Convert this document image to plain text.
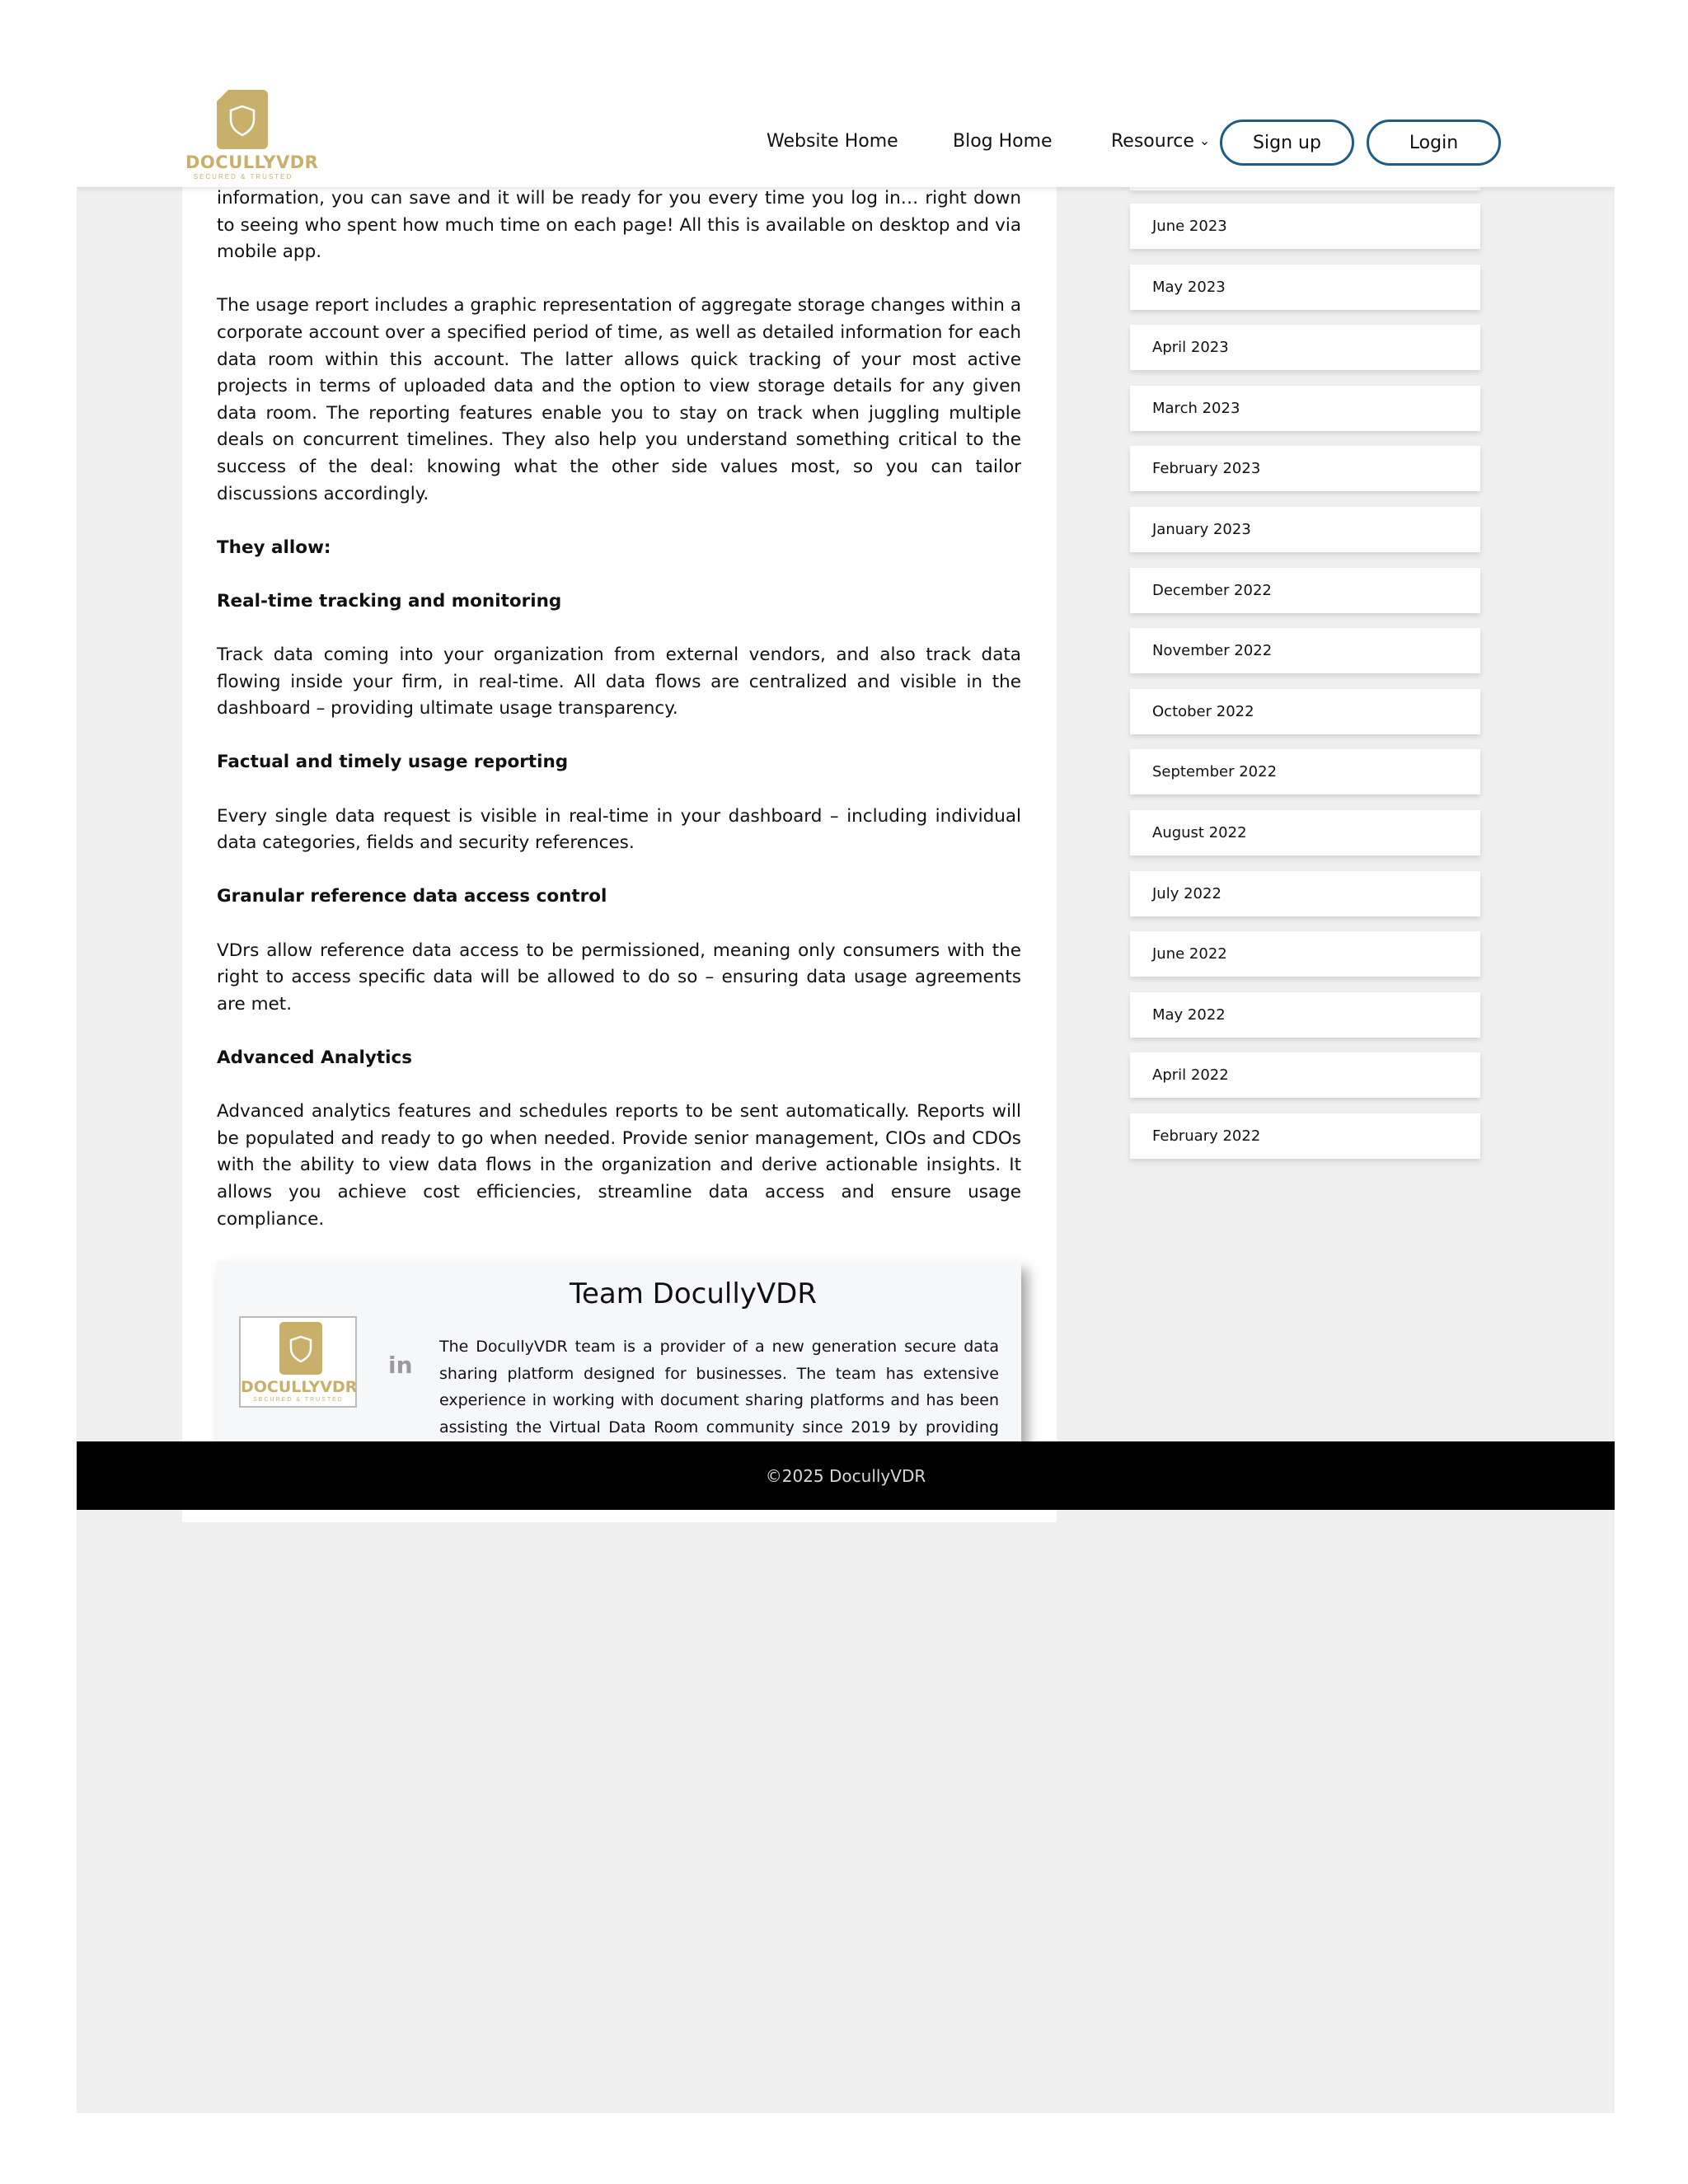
information, you can save and it will be ready for you every time you log in… right down to seeing who spent how much time on each page! All this is available on desktop and via mobile app.

The usage report includes a graphic representation of aggregate storage changes within a corporate account over a specified period of time, as well as detailed information for each data room within this account. The latter allows quick tracking of your most active projects in terms of uploaded data and the option to view storage details for any given data room. The reporting features enable you to stay on track when juggling multiple deals on concurrent timelines. They also help you understand something critical to the success of the deal: knowing what the other side values most, so you can tailor discussions accordingly.

They allow:
Real-time tracking and monitoring

Track data coming into your organization from external vendors, and also track data flowing inside your firm, in real-time. All data flows are centralized and visible in the dashboard – providing ultimate usage transparency.

Factual and timely usage reporting

Every single data request is visible in real-time in your dashboard – including individual data categories, fields and security references.

Granular reference data access control

VDrs allow reference data access to be permissioned, meaning only consumers with the right to access specific data will be allowed to do so – ensuring data usage agreements are met.

Advanced Analytics

Advanced analytics features and schedules reports to be sent automatically. Reports will be populated and ready to go when needed. Provide senior management, CIOs and CDOs with the ability to view data flows in the organization and derive actionable insights. It allows you achieve cost efficiencies, streamline data access and ensure usage compliance.

Team DocullyVDR
DOCULLYVDR
SECURED & TRUSTED
in
The DocullyVDR team is a provider of a new generation secure data sharing platform designed for businesses. The team has extensive experience in working with document sharing platforms and has been assisting the Virtual Data Room community since 2019 by providing
June 2023
May 2023
April 2023
March 2023
February 2023
January 2023
December 2022
November 2022
October 2022
September 2022
August 2022
July 2022
June 2022
May 2022
April 2022
February 2022
©2025 DocullyVDR
DOCULLYVDR
SECURED & TRUSTED
Website Home	Blog Home	Resource ⌄	Sign up	Login
